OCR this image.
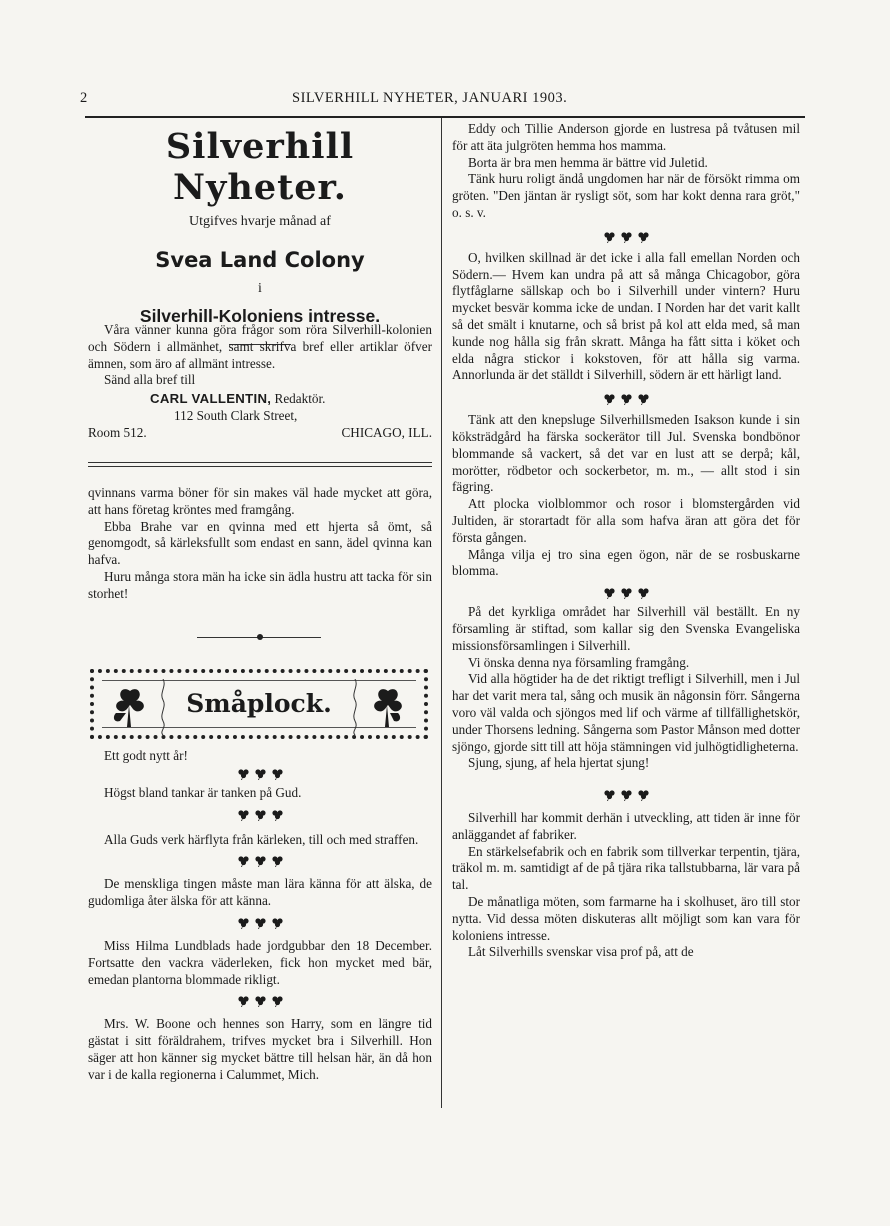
2	SILVERHILL NYHETER, JANUARI 1903.
Silverhill Nyheter.
Utgifves hvarje månad af
Svea Land Colony
i
Silverhill-Koloniens intresse.

Våra vänner kunna göra frågor som röra Silverhill-kolonien och Södern i allmänhet, samt skrifva bref eller artiklar öfver ämnen, som äro af allmänt intresse.

Sänd alla bref till

CARL VALLENTIN, Redaktör.
112 South Clark Street,
Room 512.	CHICAGO, ILL.

qvinnans varma böner för sin makes väl hade mycket att göra, att hans företag kröntes med framgång.

Ebba Brahe var en qvinna med ett hjerta så ömt, så genomgodt, så kärleksfullt som endast en sann, ädel qvinna kan hafva.

Huru många stora män ha icke sin ädla hustru att tacka för sin storhet!

Småplock.

Ett godt nytt år!

Högst bland tankar är tanken på Gud.

Alla Guds verk härflyta från kärleken, till och med straffen.

De menskliga tingen måste man lära känna för att älska, de gudomliga åter älska för att känna.

Miss Hilma Lundblads hade jordgubbar den 18 December. Fortsatte den vackra väderleken, fick hon mycket med bär, emedan plantorna blommade rikligt.

Mrs. W. Boone och hennes son Harry, som en längre tid gästat i sitt föräldrahem, trifves mycket bra i Silverhill. Hon säger att hon känner sig mycket bättre till helsan här, än då hon var i de kalla regionerna i Calummet, Mich.

Eddy och Tillie Anderson gjorde en lustresa på tvåtusen mil för att äta julgröten hemma hos mamma.

Borta är bra men hemma är bättre vid Juletid.

Tänk huru roligt ändå ungdomen har när de försökt rimma om gröten. "Den jäntan är rysligt söt, som har kokt denna rara gröt," o. s. v.

O, hvilken skillnad är det icke i alla fall emellan Norden och Södern.— Hvem kan undra på att så många Chicagobor, göra flytfåglarne sällskap och bo i Silverhill under vintern? Huru mycket besvär komma icke de undan. I Norden har det varit kallt så det smält i knutarne, och så brist på kol att elda med, så man kunde nog hålla sig från skratt. Många ha fått sitta i köket och elda några stickor i kokstoven, för att hålla sig varma. Annorlunda är det ställdt i Silverhill, södern är ett härligt land.

Tänk att den knepsluge Silverhillsmeden Isakson kunde i sin köksträdgård ha färska sockerätor till Jul. Svenska bondbönor blommande så vackert, så det var en lust att se derpå; kål, morötter, rödbetor och sockerbetor, m. m., — allt stod i sin fägring.

Att plocka violblommor och rosor i blomstergården vid Jultiden, är storartadt för alla som hafva äran att göra det för första gången.

Många vilja ej tro sina egen ögon, när de se rosbuskarne blomma.

På det kyrkliga området har Silverhill väl beställt. En ny församling är stiftad, som kallar sig den Svenska Evangeliska missionsförsamlingen i Silverhill.

Vi önska denna nya församling framgång.

Vid alla högtider ha de det riktigt trefligt i Silverhill, men i Jul har det varit mera tal, sång och musik än någonsin förr. Sångerna voro väl valda och sjöngos med lif och värme af tillfällighetskör, under Thorsens ledning. Sångerna som Pastor Månson med dotter sjöngo, gjorde sitt till att höja stämningen vid julhögtidligheterna.

Sjung, sjung, af hela hjertat sjung!

Silverhill har kommit derhän i utveckling, att tiden är inne för anläggandet af fabriker.

En stärkelsefabrik och en fabrik som tillverkar terpentin, tjära, träkol m. m. samtidigt af de på tjära rika tallstubbarna, lär vara på tal.

De månatliga möten, som farmarne ha i skolhuset, äro till stor nytta. Vid dessa möten diskuteras allt möjligt som kan vara för koloniens intresse.

Låt Silverhills svenskar visa prof på, att de
